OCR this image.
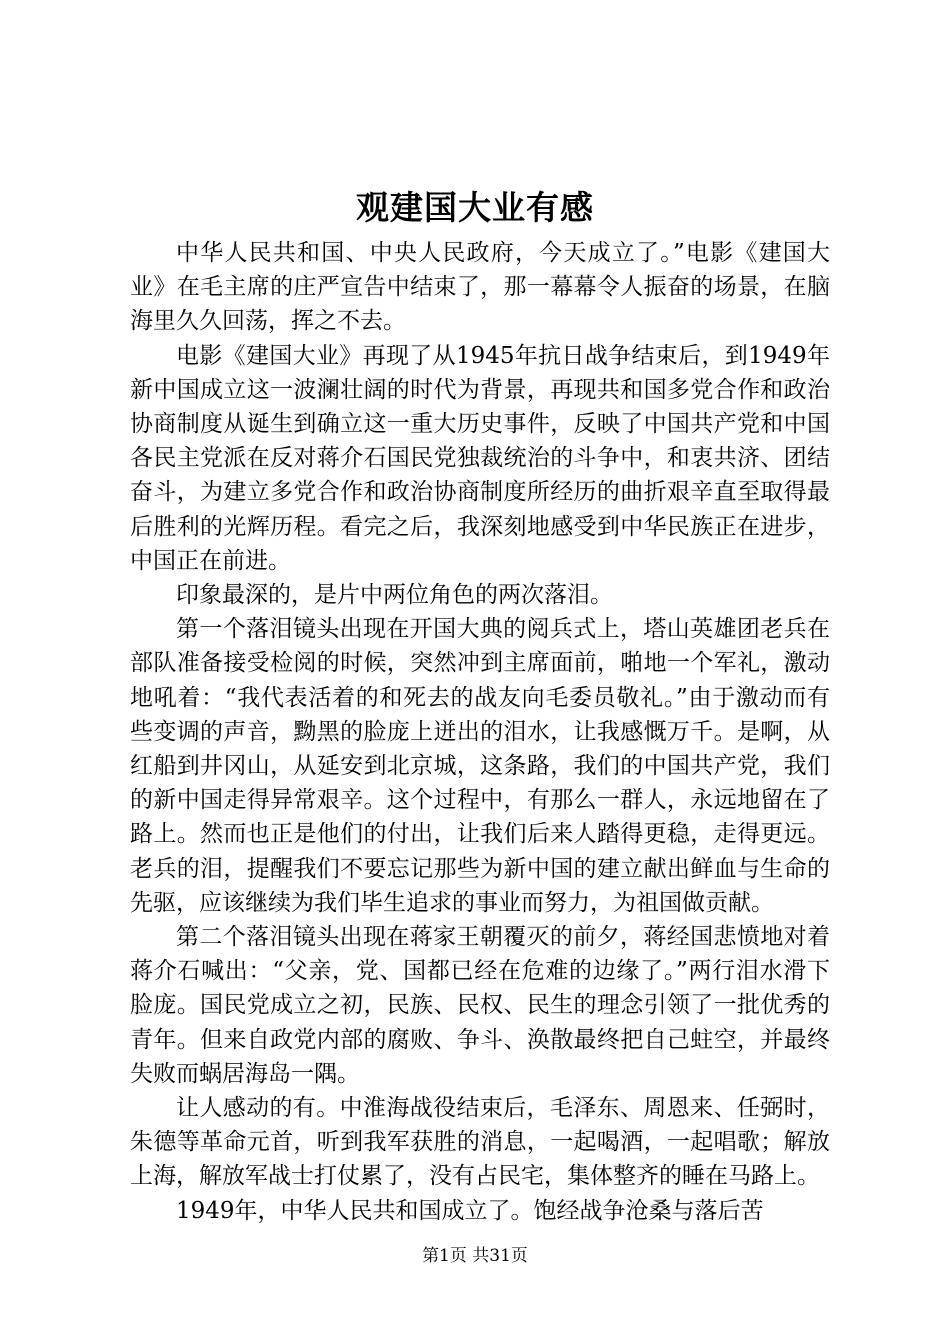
观建国大业有感

中华人民共和国、中央人民政府，今天成立了。”电影《建国大业》在毛主席的庄严宣告中结束了，那一幕幕令人振奋的场景，在脑海里久久回荡，挥之不去。

电影《建国大业》再现了从1945年抗日战争结束后，到1949年新中国成立这一波澜壮阔的时代为背景，再现共和国多党合作和政治协商制度从诞生到确立这一重大历史事件，反映了中国共产党和中国各民主党派在反对蒋介石国民党独裁统治的斗争中，和衷共济、团结奋斗，为建立多党合作和政治协商制度所经历的曲折艰辛直至取得最后胜利的光辉历程。看完之后，我深刻地感受到中华民族正在进步，中国正在前进。

印象最深的，是片中两位角色的两次落泪。

第一个落泪镜头出现在开国大典的阅兵式上，塔山英雄团老兵在部队准备接受检阅的时候，突然冲到主席面前，啪地一个军礼，激动地吼着：“我代表活着的和死去的战友向毛委员敬礼。”由于激动而有些变调的声音，黝黑的脸庞上迸出的泪水，让我感慨万千。是啊，从红船到井冈山，从延安到北京城，这条路，我们的中国共产党，我们的新中国走得异常艰辛。这个过程中，有那么一群人，永远地留在了路上。然而也正是他们的付出，让我们后来人踏得更稳，走得更远。老兵的泪，提醒我们不要忘记那些为新中国的建立献出鲜血与生命的先驱，应该继续为我们毕生追求的事业而努力，为祖国做贡献。

第二个落泪镜头出现在蒋家王朝覆灭的前夕，蒋经国悲愤地对着蒋介石喊出：“父亲，党、国都已经在危难的边缘了。”两行泪水滑下脸庞。国民党成立之初，民族、民权、民生的理念引领了一批优秀的青年。但来自政党内部的腐败、争斗、涣散最终把自己蛀空，并最终失败而蜗居海岛一隅。

让人感动的有。中淮海战役结束后，毛泽东、周恩来、任弼时，朱德等革命元首，听到我军获胜的消息，一起喝酒，一起唱歌；解放上海，解放军战士打仗累了，没有占民宅，集体整齐的睡在马路上。

1949年，中华人民共和国成立了。饱经战争沧桑与落后苦

第1页 共31页
